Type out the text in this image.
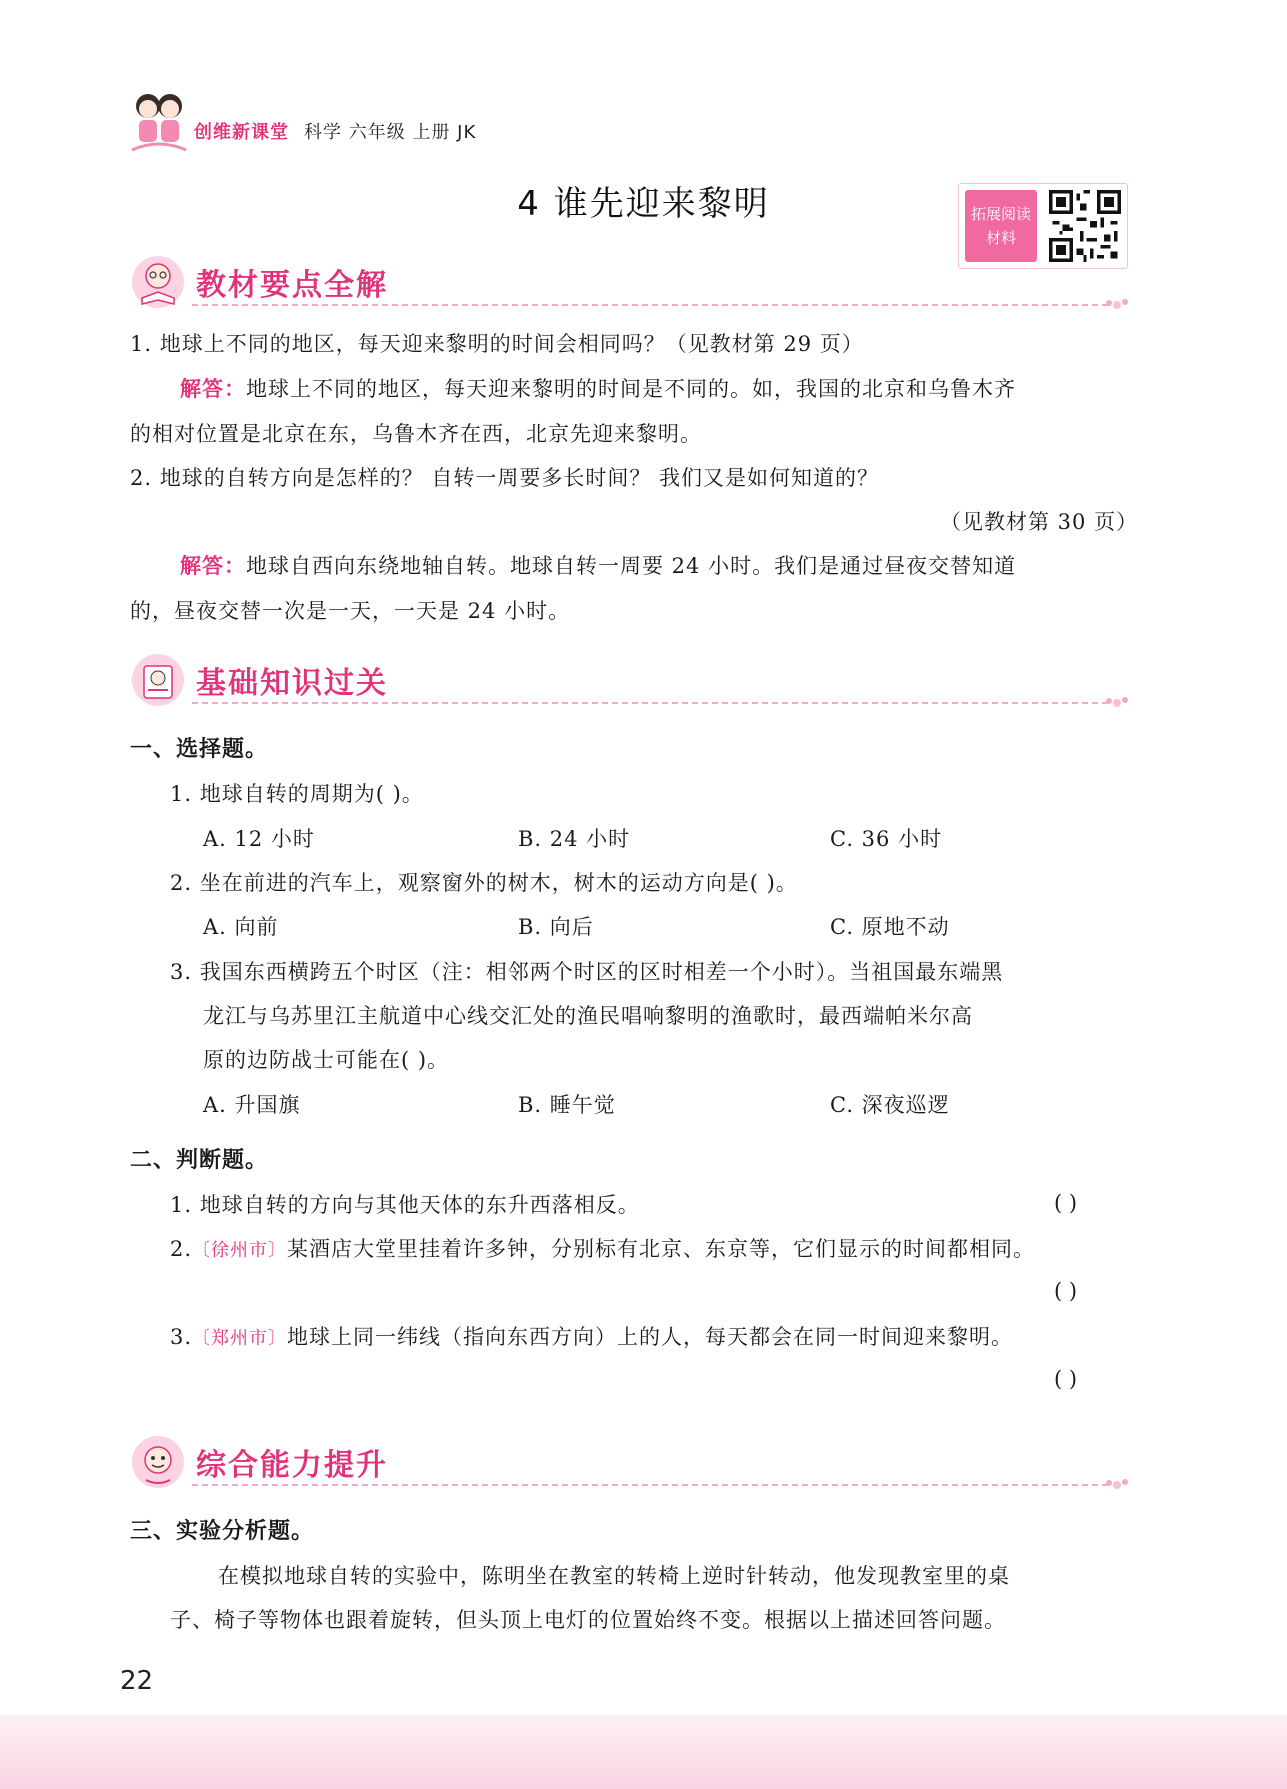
创维新课堂 科学 六年级 上册 JK
4 谁先迎来黎明	拓展阅读
材料
教材要点全解
1. 地球上不同的地区，每天迎来黎明的时间会相同吗？（见教材第 29 页）
解答：地球上不同的地区，每天迎来黎明的时间是不同的。如，我国的北京和乌鲁木齐
的相对位置是北京在东，乌鲁木齐在西，北京先迎来黎明。
2. 地球的自转方向是怎样的？ 自转一周要多长时间？ 我们又是如何知道的？
（见教材第 30 页）
解答：地球自西向东绕地轴自转。地球自转一周要 24 小时。我们是通过昼夜交替知道
的，昼夜交替一次是一天，一天是 24 小时。
基础知识过关
一、选择题。
1. 地球自转的周期为( )。
A. 12 小时	B. 24 小时	C. 36 小时
2. 坐在前进的汽车上，观察窗外的树木，树木的运动方向是( )。
A. 向前	B. 向后	C. 原地不动
3. 我国东西横跨五个时区（注：相邻两个时区的区时相差一个小时）。当祖国最东端黑
龙江与乌苏里江主航道中心线交汇处的渔民唱响黎明的渔歌时，最西端帕米尔高
原的边防战士可能在( )。
A. 升国旗	B. 睡午觉	C. 深夜巡逻
二、判断题。
1. 地球自转的方向与其他天体的东升西落相反。	( )
2.〔徐州市〕某酒店大堂里挂着许多钟，分别标有北京、东京等，它们显示的时间都相同。
( )
3.〔郑州市〕地球上同一纬线（指向东西方向）上的人，每天都会在同一时间迎来黎明。
( )
综合能力提升
三、实验分析题。
在模拟地球自转的实验中，陈明坐在教室的转椅上逆时针转动，他发现教室里的桌
子、椅子等物体也跟着旋转，但头顶上电灯的位置始终不变。根据以上描述回答问题。
22
